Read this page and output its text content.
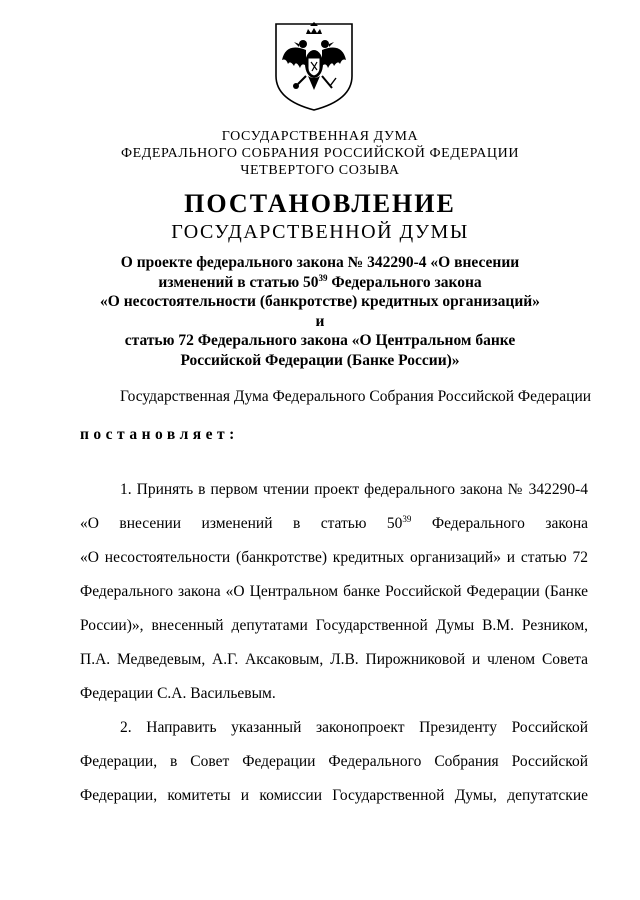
ГОСУДАРСТВЕННАЯ ДУМА
ФЕДЕРАЛЬНОГО СОБРАНИЯ РОССИЙСКОЙ ФЕДЕРАЦИИ
ЧЕТВЕРТОГО СОЗЫВА
ПОСТАНОВЛЕНИЕ
ГОСУДАРСТВЕННОЙ ДУМЫ
О проекте федерального закона № 342290-4 «О внесении
изменений в статью $50^{39}$ Федерального закона
«О несостоятельности (банкротстве) кредитных организаций» и
статью 72 Федерального закона «О Центральном банке
Российской Федерации (Банке России)»
Государственная Дума Федерального Собрания Российской Федерации
постановляет:
1. Принять в первом чтении проект федерального закона № 342290-4
«О внесении изменений в статью $50^{39}$ Федерального закона
«О несостоятельности (банкротстве) кредитных организаций» и статью 72
Федерального закона «О Центральном банке Российской Федерации (Банке
России)», внесенный депутатами Государственной Думы В.М. Резником,
П.А. Медведевым, А.Г. Аксаковым, Л.В. Пирожниковой и членом Совета
Федерации С.А. Васильевым.
2. Направить указанный законопроект Президенту Российской
Федерации, в Совет Федерации Федерального Собрания Российской
Федерации, комитеты и комиссии Государственной Думы, депутатские
